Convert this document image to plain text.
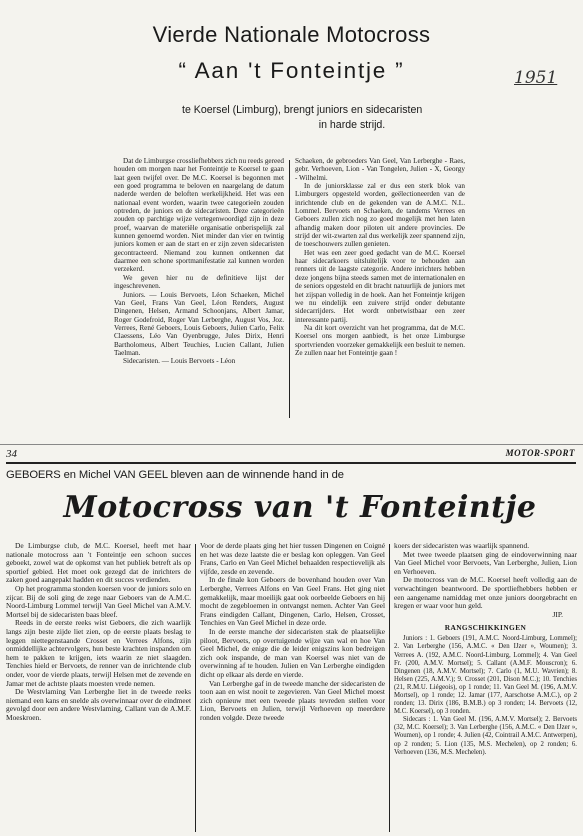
Vierde Nationale Motocross
“ Aan 't Fonteintje ”	1951
te Koersel (Limburg), brengt juniors en sidecaristen
in harde strijd.

Dat de Limburgse crossliefhebbers zich nu reeds gereed houden om morgen naar het Fonteintje te Koersel te gaan laat geen twijfel over. De M.C. Koersel is begonnen met een goed programma te beloven en naargelang de datum naderde werden de beloften werkelijkheid. Het was een nationaal event worden, waarin twee categorieën zouden optreden, de juniors en de sidecaristen. Deze categorieën zouden op parchtige wijze vertegenwoordigd zijn in deze proef, waarvan de materiële organisatie onberispelijk zal kunnen genoemd worden. Niet minder dan vier en twintig juniors komen er aan de start en er zijn zeven sidecaristen gecontracteerd. Niemand zou kunnen ontkennen dat daarmee een schone sportmanifestatie zal kunnen worden verzekerd.

We geven hier nu de definitieve lijst der ingeschrevenen.

Juniors. — Louis Bervoets, Léon Schaeken, Michel Van Geel, Frans Van Geel, Léon Renders, August Dingenen, Helsen, Armand Schoonjans, Albert Jamar, Roger Godefroid, Roger Van Lerberghe, August Vos, Joz. Verrees, René Geboers, Louis Geboers, Julien Carlo, Felix Claessens, Léo Van Oyenbrugge, Jules Dirix, Henri Bartholomeus, Albert Teuchies, Lucien Callant, Julien Taelman.

Sidecaristen. — Louis Bervoets - Léon

Schaeken, de gebroeders Van Geel, Van Lerberghe - Raes, gebr. Verhoeven, Lion - Van Tongelen, Julien - X, Georgy - Wilhelmi.

In de juniorsklasse zal er dus een sterk blok van Limburgers opgesteld worden, geëlectioneerden van de inrichtende club en de gekenden van de A.M.C. N.L. Lommel. Bervoets en Schaeken, de tandems Verrees en Geboers zullen zich nog zo goed mogelijk met hen laten afhandig maken door piloten uit andere provincies. De strijd der wit-zwarten zal dus werkelijk zeer spannend zijn, de toeschouwers zullen genieten.

Het was een zeer goed gedacht van de M.C. Koersel haar sidecarkoers uitsluitelijk voor te behouden aan renners uit de laagste categorie. Andere inrichters hebben deze jongens bijna steeds samen met de internationalen en de seniors opgesteld en dit bracht natuurlijk de juniors met het zijspan volledig in de hoek. Aan het Fonteintje krijgen we nu eindelijk een zuivere strijd onder debutante sidecarrijders. Het wordt onbetwistbaar een zeer interessante partij.

Na dit kort overzicht van het programma, dat de M.C. Koersel ons morgen aanbiedt, is het onze Limburgse sportvrienden voorzeker gemakkelijk een besluit te nemen. Ze zullen naar het Fonteintje gaan !

34	MOTOR-SPORT
GEBOERS en Michel VAN GEEL bleven aan de winnende hand in de
Motocross van 't Fonteintje

De Limburgse club, de M.C. Koersel, heeft met haar nationale motocross aan 't Fonteintje een schoon succes geboekt, zowel wat de opkomst van het publiek betreft als op sportief gebied. Het moet ook gezegd dat de inrichters de zaken goed aangepakt hadden en dit succes verdienden.

Op het programma stonden koersen voor de juniors solo en zijcar. Bij de soli ging de zege naar Geboers van de A.M.C. Noord-Limburg Lommel terwijl Van Geel Michel van A.M.V. Mortsel bij de sidecaristen baas bleef.

Reeds in de eerste reeks wist Geboers, die zich waarlijk langs zijn beste zijde liet zien, op de eerste plaats beslag te leggen niettegenstaande Crosset en Verrees Alfons, zijn onmiddellijke achtervolgers, hun beste krachten inspanden om hem te pakken te krijgen, iets waarin ze niet slaagden. Tenchies hield er Bervoets, de renner van de inrichtende club onder, voor de vierde plaats, terwijl Helsen met de zevende en Jamar met de achtste plaats moesten vrede nemen.

De Westvlaming Van Lerberghe liet in de tweede reeks niemand een kans en snelde als overwinnaar over de eindmeet gevolgd door een andere Westvlaming, Callant van de A.M.F. Moeskroen.

Voor de derde plaats ging het hier tussen Dingenen en Coigné en het was deze laatste die er beslag kon opleggen. Van Geel Frans, Carlo en Van Geel Michel behaalden respectievelijk als vijfde, zesde en zevende.

In de finale kon Geboers de bovenhand houden over Van Lerberghe, Verrees Alfons en Van Geel Frans. Het ging niet gemakkelijk, maar moeilijk gaat ook oorbeelde Geboers en hij mocht de zegebloemen in ontvangst nemen. Achter Van Geel Frans eindigden Callant, Dingenen, Carlo, Helsen, Crosset, Tenchies en Van Geel Michel in deze orde.

In de eerste manche der sidecaristen stak de plaatselijke piloot, Bervoets, op overtuigende wijze van wal en hoe Van Geel Michel, de enige die de leider enigszins kon bedreigen zich ook inspande, de man van Koersel was niet van de overwinning af te houden. Julien en Van Lerberghe eindigden dicht op elkaar als derde en vierde.

Van Lerberghe gaf in de tweede manche der sidecaristen de toon aan en wist nooit te zegevieren. Van Geel Michel moest zich opnieuw met een tweede plaats tevreden stellen voor Lion, Bervoets en Julien, terwijl Verhoeven op meerdere ronden volgde. Deze tweede

koers der sidecaristen was waarlijk spannend.

Met twee tweede plaatsen ging de eindoverwinning naar Van Geel Michel voor Bervoets, Van Lerberghe, Julien, Lion en Verhoeven.

De motocross van de M.C. Koersel heeft volledig aan de verwachtingen beantwoord. De sportliefhebbers hebben er een aangename namiddag met onze juniors doorgebracht en kregen er waar voor hun geld.

JIP.

RANGSCHIKKINGEN

Juniors : 1. Geboers (191, A.M.C. Noord-Limburg, Lommel); 2. Van Lerberghe (156, A.M.C. « Den IJzer », Woumen); 3. Verrees A. (192, A.M.C. Noord-Limburg, Lommel); 4. Van Geel Fr. (200, A.M.V. Mortsel); 5. Callant (A.M.F. Mouscron); 6. Dingenen (18, A.M.V. Mortsel); 7. Carlo (1, M.U. Wavrien); 8. Helsen (225, A.M.V.); 9. Crosset (201, Dison M.C.); 10. Tenchies (21, R.M.U. Liégeois), op 1 ronde; 11. Van Geel M. (196, A.M.V. Mortsel), op 1 ronde; 12. Jamar (177, Aarschotse A.M.C.), op 2 ronden; 13. Dirix (186, B.M.B.) op 3 ronden; 14. Bervoets (12, M.C. Koersel), op 3 ronden.

Sidecars : 1. Van Geel M. (196, A.M.V. Mortsel); 2. Bervoets (32, M.C. Koersel); 3. Van Lerberghe (156, A.M.C. « Den IJzer », Woumen), op 1 ronde; 4. Julien (42, Cointrail A.M.C. Antwerpen), op 2 ronden; 5. Lion (135, M.S. Mechelen), op 2 ronden; 6. Verhoeven (136, M.S. Mechelen).
